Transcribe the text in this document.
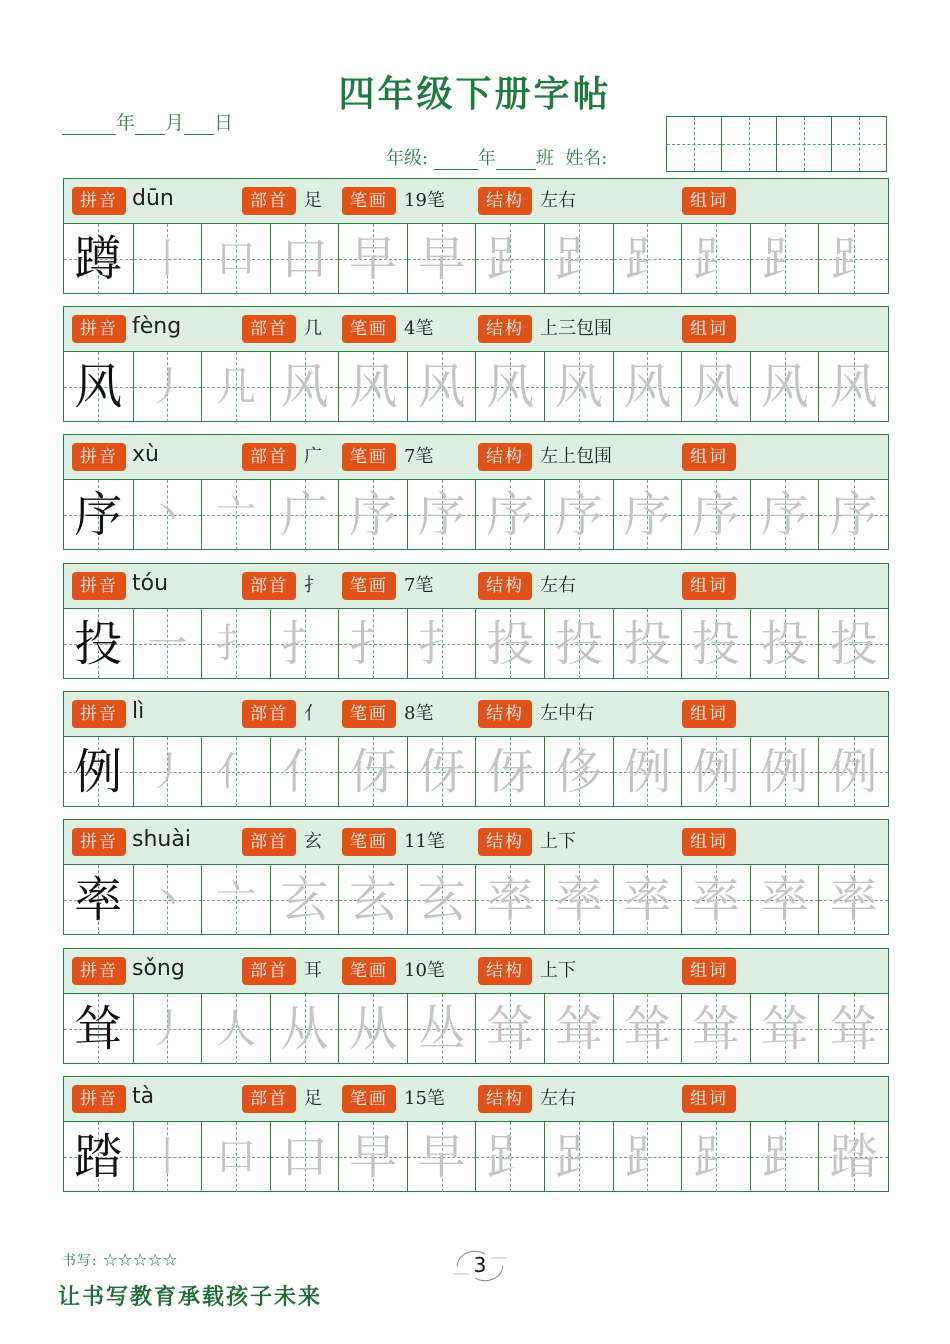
四年级下册字帖
年 月 日
年级:	年 班 姓名:
拼音 dūn	部首 足	笔画 19笔	结构 左右	组词
蹲 丨 口 口 早 早 𧾷 𧾷 ⻊ ⻊ ⻊ ⻊
拼音 fèng	部首 几	笔画 4笔	结构 上三包围	组词
风 丿 几 风 风 风 风 风 风 风 风 风
拼音 xù	部首 广	笔画 7笔	结构 左上包围	组词
序 丶 亠 广 序 序 序 序 序 序 序 序
拼音 tóu	部首 扌	笔画 7笔	结构 左右	组词
投 一 扌 扌 扌 扌 投 投 投 投 投 投
拼音 lì	部首 亻	笔画 8笔	结构 左中右	组词
例 丿 亻 亻 伢 伢 伢 侈 例 例 例 例
拼音 shuài	部首 玄	笔画 11笔	结构 上下	组词
率 丶 亠 玄 玄 玄 率 率 率 率 率 率
拼音 sǒng	部首 耳	笔画 10笔	结构 上下	组词
耸 丿 人 从 从 丛 耸 耸 耸 耸 耸 耸
拼音 tà	部首 足	笔画 15笔	结构 左右	组词
踏 丨 口 口 早 早 𧾷 𧾷 ⻊ ⻊ ⻊ 踏
书写: ☆☆☆☆☆	3
让书写教育承载孩子未来
